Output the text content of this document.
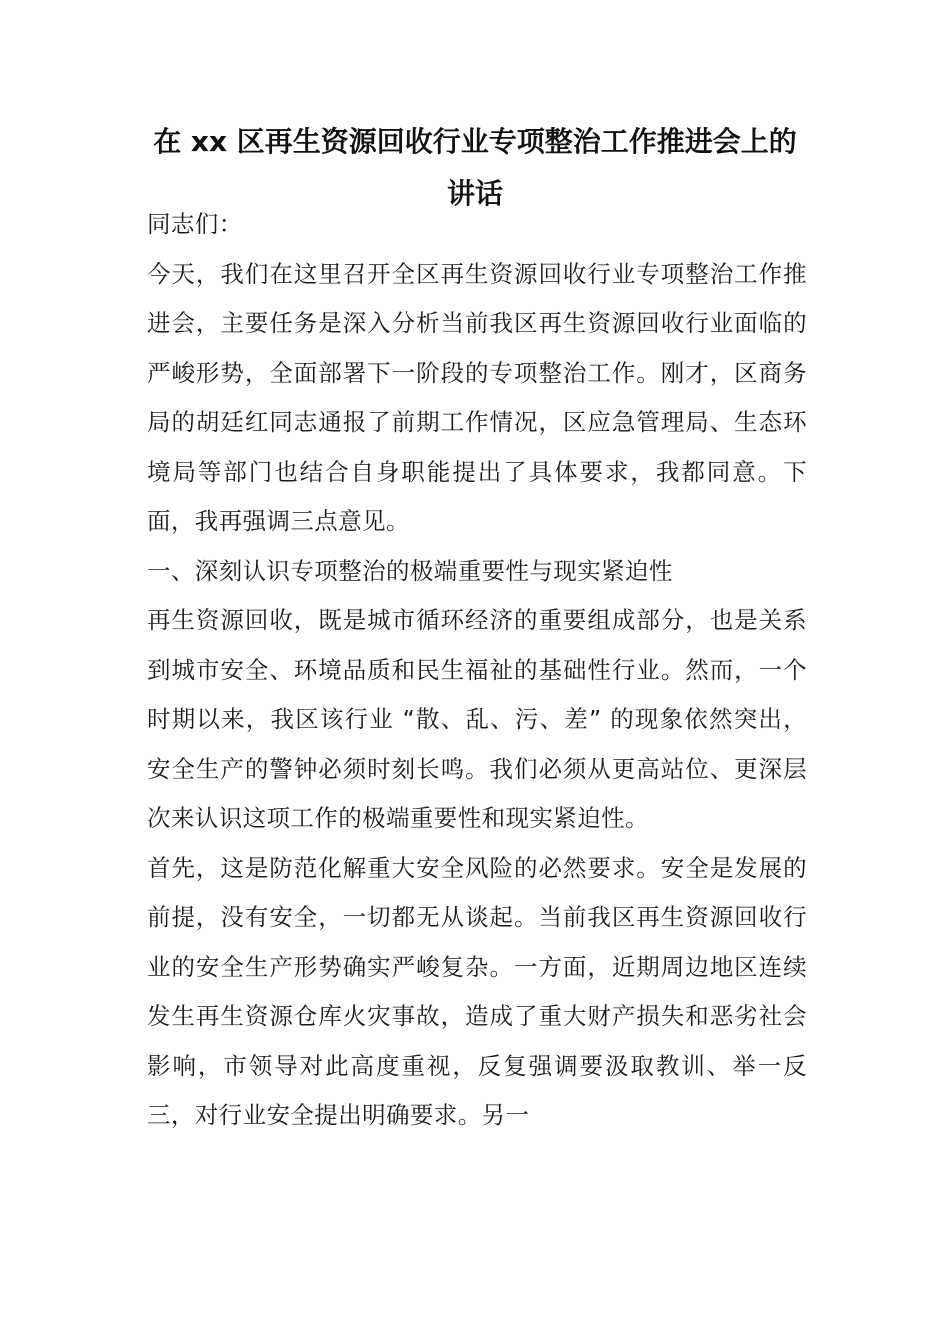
在 xx 区再生资源回收行业专项整治工作推进会上的
讲话

同志们：

今天，我们在这里召开全区再生资源回收行业专项整治工作推进会，主要任务是深入分析当前我区再生资源回收行业面临的严峻形势，全面部署下一阶段的专项整治工作。刚才，区商务局的胡廷红同志通报了前期工作情况，区应急管理局、生态环境局等部门也结合自身职能提出了具体要求，我都同意。下面，我再强调三点意见。

一、深刻认识专项整治的极端重要性与现实紧迫性

再生资源回收，既是城市循环经济的重要组成部分，也是关系到城市安全、环境品质和民生福祉的基础性行业。然而，一个时期以来，我区该行业 “散、乱、污、差” 的现象依然突出，安全生产的警钟必须时刻长鸣。我们必须从更高站位、更深层次来认识这项工作的极端重要性和现实紧迫性。

首先，这是防范化解重大安全风险的必然要求。安全是发展的前提，没有安全，一切都无从谈起。当前我区再生资源回收行业的安全生产形势确实严峻复杂。一方面，近期周边地区连续发生再生资源仓库火灾事故，造成了重大财产损失和恶劣社会影响，市领导对此高度重视，反复强调要汲取教训、举一反三，对行业安全提出明确要求。另一
